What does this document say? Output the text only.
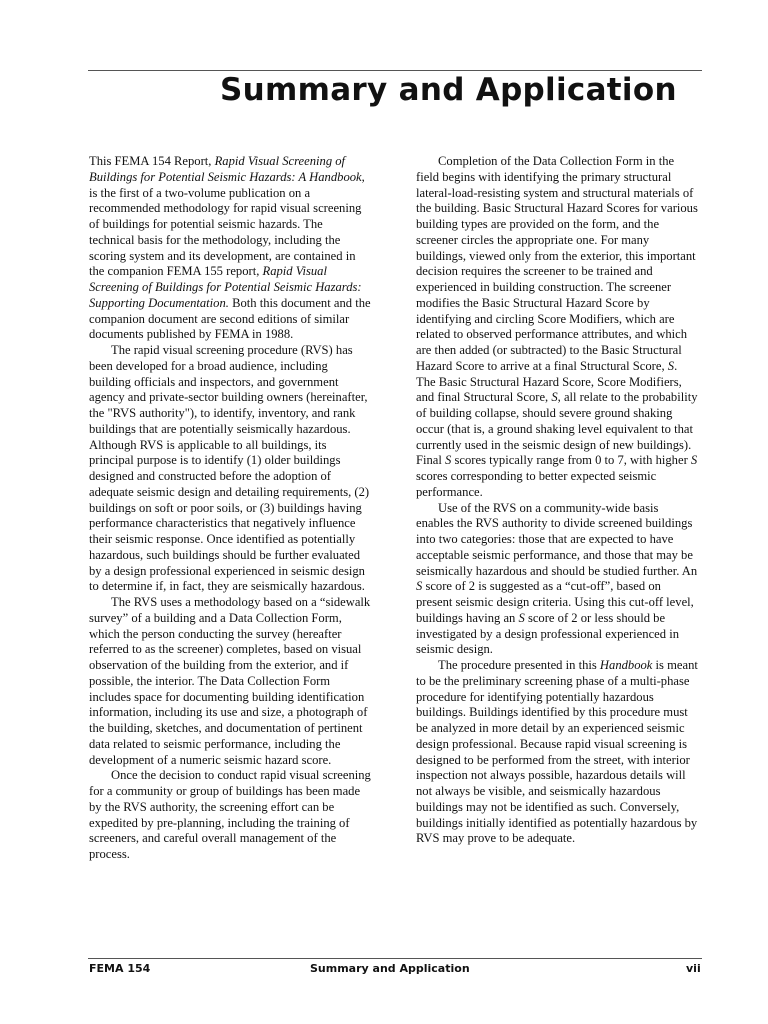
Summary and Application

This FEMA 154 Report, Rapid Visual Screening of Buildings for Potential Seismic Hazards: A Handbook, is the first of a two-volume publication on a recommended methodology for rapid visual screening of buildings for potential seismic hazards. The technical basis for the methodology, including the scoring system and its development, are contained in the companion FEMA 155 report, Rapid Visual Screening of Buildings for Potential Seismic Hazards: Supporting Documentation. Both this document and the companion document are second editions of similar documents published by FEMA in 1988.

The rapid visual screening procedure (RVS) has been developed for a broad audience, including building officials and inspectors, and government agency and private-sector building owners (hereinafter, the "RVS authority"), to identify, inventory, and rank buildings that are potentially seismically hazardous. Although RVS is applicable to all buildings, its principal purpose is to identify (1) older buildings designed and constructed before the adoption of adequate seismic design and detailing requirements, (2) buildings on soft or poor soils, or (3) buildings having performance characteristics that negatively influence their seismic response. Once identified as potentially hazardous, such buildings should be further evaluated by a design professional experienced in seismic design to determine if, in fact, they are seismically hazardous.

The RVS uses a methodology based on a “sidewalk survey” of a building and a Data Collection Form, which the person conducting the survey (hereafter referred to as the screener) completes, based on visual observation of the building from the exterior, and if possible, the interior. The Data Collection Form includes space for documenting building identification information, including its use and size, a photograph of the building, sketches, and documentation of pertinent data related to seismic performance, including the development of a numeric seismic hazard score.

Once the decision to conduct rapid visual screening for a community or group of buildings has been made by the RVS authority, the screening effort can be expedited by pre-planning, including the training of screeners, and careful overall management of the process.

Completion of the Data Collection Form in the field begins with identifying the primary structural lateral-load-resisting system and structural materials of the building. Basic Structural Hazard Scores for various building types are provided on the form, and the screener circles the appropriate one. For many buildings, viewed only from the exterior, this important decision requires the screener to be trained and experienced in building construction. The screener modifies the Basic Structural Hazard Score by identifying and circling Score Modifiers, which are related to observed performance attributes, and which are then added (or subtracted) to the Basic Structural Hazard Score to arrive at a final Structural Score, S. The Basic Structural Hazard Score, Score Modifiers, and final Structural Score, S, all relate to the probability of building collapse, should severe ground shaking occur (that is, a ground shaking level equivalent to that currently used in the seismic design of new buildings). Final S scores typically range from 0 to 7, with higher S scores corresponding to better expected seismic performance.

Use of the RVS on a community-wide basis enables the RVS authority to divide screened buildings into two categories: those that are expected to have acceptable seismic performance, and those that may be seismically hazardous and should be studied further. An S score of 2 is suggested as a “cut-off”, based on present seismic design criteria. Using this cut-off level, buildings having an S score of 2 or less should be investigated by a design professional experienced in seismic design.

The procedure presented in this Handbook is meant to be the preliminary screening phase of a multi-phase procedure for identifying potentially hazardous buildings. Buildings identified by this procedure must be analyzed in more detail by an experienced seismic design professional. Because rapid visual screening is designed to be performed from the street, with interior inspection not always possible, hazardous details will not always be visible, and seismically hazardous buildings may not be identified as such. Conversely, buildings initially identified as potentially hazardous by RVS may prove to be adequate.

FEMA 154	Summary and Application	vii
